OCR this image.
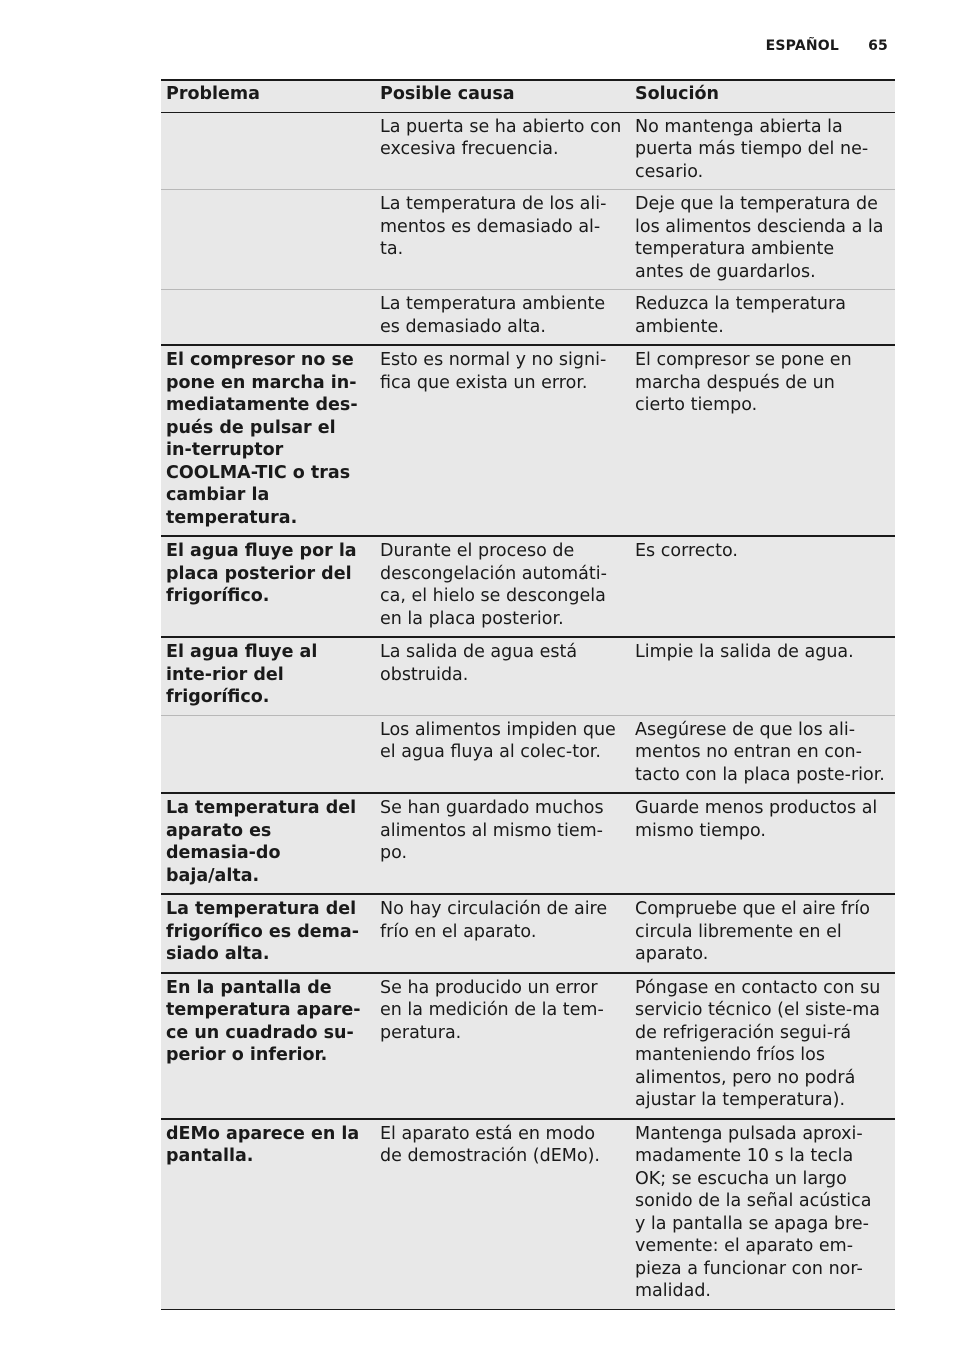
ESPAÑOL 65
Problema	Posible causa	Solución
	La puerta se ha abierto con excesiva frecuencia.	No mantenga abierta la puerta más tiempo del ne-cesario.
	La temperatura de los ali-mentos es demasiado al-ta.	Deje que la temperatura de los alimentos descienda a la temperatura ambiente antes de guardarlos.
	La temperatura ambiente es demasiado alta.	Reduzca la temperatura ambiente.
El compresor no se pone en marcha in-mediatamente des-pués de pulsar el in-terruptor COOLMA-TIC o tras cambiar la temperatura.	Esto es normal y no signi-fica que exista un error.	El compresor se pone en marcha después de un cierto tiempo.
El agua fluye por la placa posterior del frigorífico.	Durante el proceso de descongelación automáti-ca, el hielo se descongela en la placa posterior.	Es correcto.
El agua fluye al inte-rior del frigorífico.	La salida de agua está obstruida.	Limpie la salida de agua.
	Los alimentos impiden que el agua fluya al colec-tor.	Asegúrese de que los ali-mentos no entran en con-tacto con la placa poste-rior.
La temperatura del aparato es demasia-do baja/alta.	Se han guardado muchos alimentos al mismo tiem-po.	Guarde menos productos al mismo tiempo.
La temperatura del frigorífico es dema-siado alta.	No hay circulación de aire frío en el aparato.	Compruebe que el aire frío circula libremente en el aparato.
En la pantalla de temperatura apare-ce un cuadrado su-perior o inferior.	Se ha producido un error en la medición de la tem-peratura.	Póngase en contacto con su servicio técnico (el siste-ma de refrigeración segui-rá manteniendo fríos los alimentos, pero no podrá ajustar la temperatura).
dEMo aparece en la pantalla.	El aparato está en modo de demostración (dEMo).	Mantenga pulsada aproxi-madamente 10 s la tecla OK; se escucha un largo sonido de la señal acústica y la pantalla se apaga bre-vemente: el aparato em-pieza a funcionar con nor-malidad.
